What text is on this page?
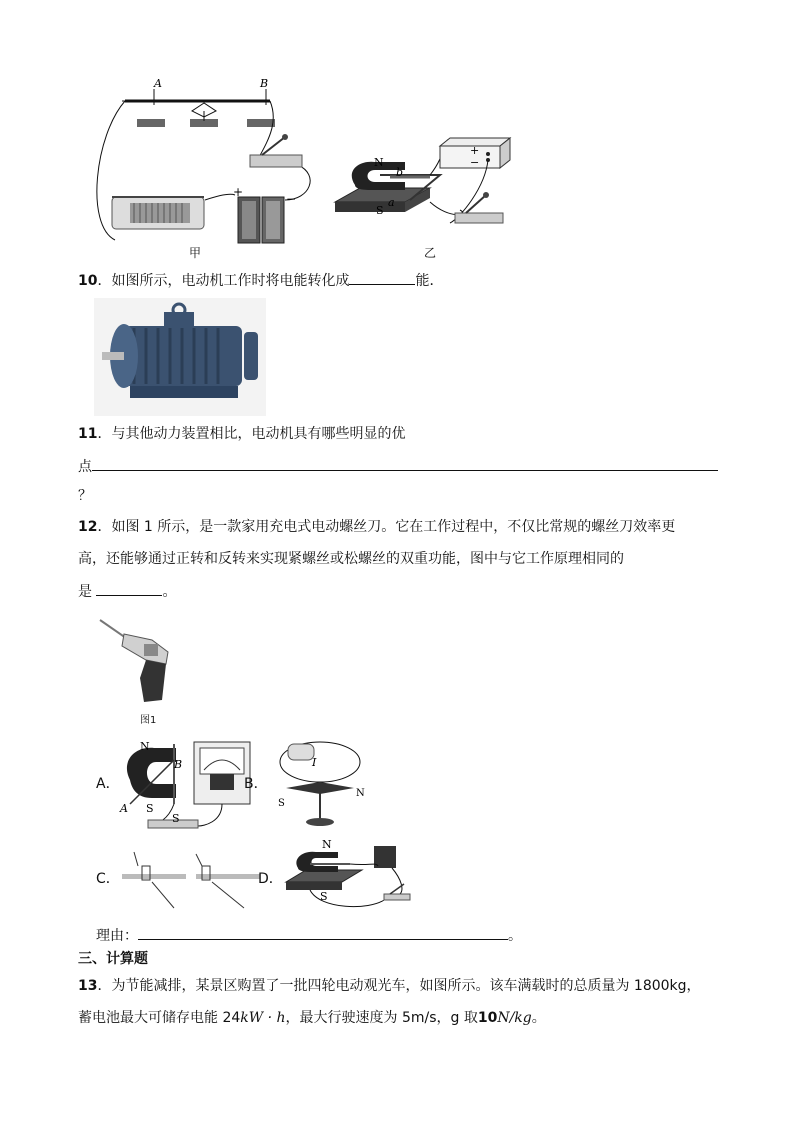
A	B
+	−
甲
N
S
b
a
+
−
乙
10．如图所示，电动机工作时将电能转化成	能．
11．与其他动力装置相比，电动机具有哪些明显的优
点
？
12．如图 1 所示，是一款家用充电式电动螺丝刀。它在工作过程中，不仅比常规的螺丝刀效率更
高，还能够通过正转和反转来实现紧螺丝或松螺丝的双重功能，图中与它工作原理相同的
是	。
图1
A．
N
B
A S
S
B．
I
S
N
C．	D．
N
S
理由：	。
三、计算题
13．为节能减排，某景区购置了一批四轮电动观光车，如图所示。该车满载时的总质量为 1800kg，
蓄电池最大可储存电能 24kW · h，最大行驶速度为 5m/s，g 取10N/kg。
